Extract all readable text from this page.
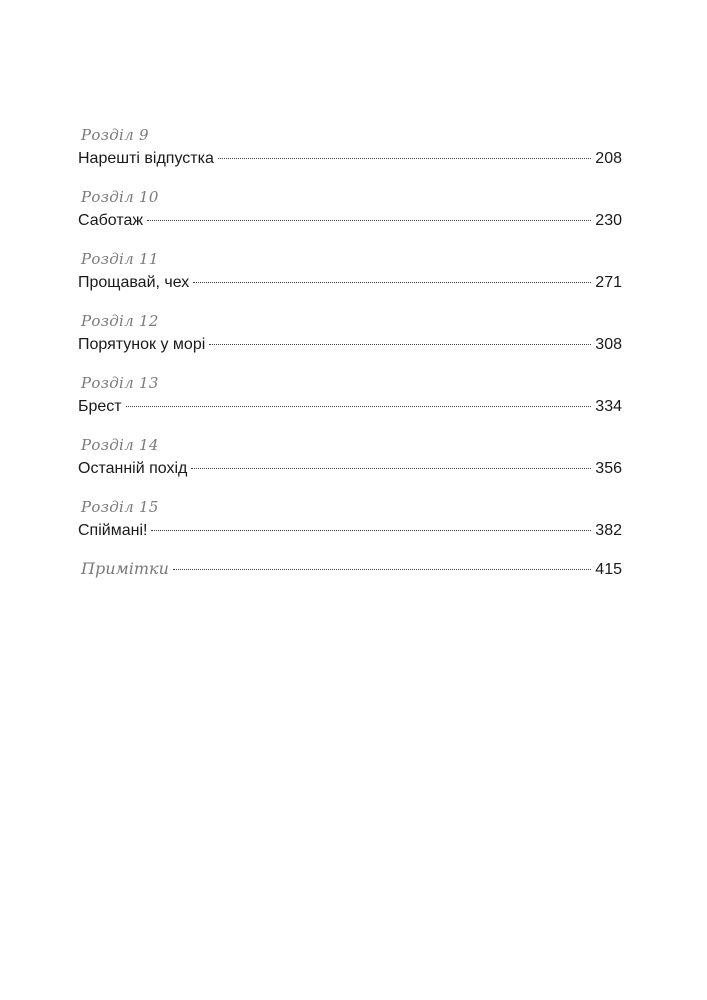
Розділ 9
Нарешті відпустка	208
Розділ 10
Саботаж	230
Розділ 11
Прощавай, чех	271
Розділ 12
Порятунок у морі	308
Розділ 13
Брест	334
Розділ 14
Останній похід	356
Розділ 15
Спіймані!	382
Примітки	415
